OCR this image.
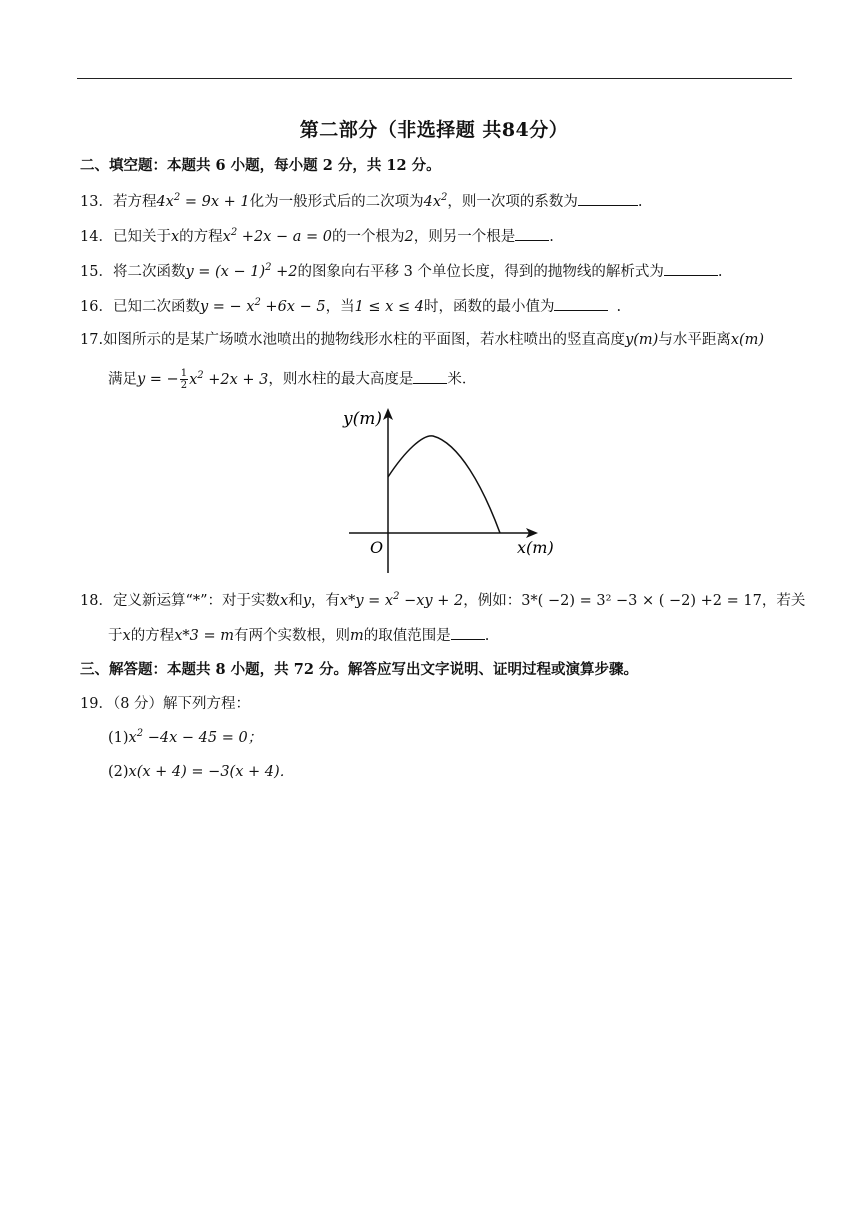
第二部分（非选择题 共84分）
二、填空题：本题共 6 小题，每小题 2 分，共 12 分。
13．若方程$4x^2 = 9x + 1$化为一般形式后的二次项为$4x^2$，则一次项的系数为	.
14．已知关于x的方程$x^2 +2x - a = 0$的一个根为2，则另一个根是 .
15．将二次函数$y = (x - 1)^2 +2$的图象向右平移 3 个单位长度，得到的抛物线的解析式为	.
16．已知二次函数y = − $x^2 +6x - 5$，当1 ≤ x ≤ 4时，函数的最小值为	.
17.如图所示的是某广场喷水池喷出的抛物线形水柱的平面图，若水柱喷出的竖直高度y(m)与水平距离x(m)
满足y = − $\frac{1}{2} x^2 +2x + 3$，则水柱的最大高度是 米．
y(m)
x(m)
O
18．定义新运算“*”：对于实数x和y，有$x*y = x^2 -xy + 2$，例如：3*( −2) = 3² −3 × ( −2) +2 = 17，若关
于x的方程x*3 = m有两个实数根，则m的取值范围是 .
三、解答题：本题共 8 小题，共 72 分。解答应写出文字说明、证明过程或演算步骤。
19．（8 分）解下列方程：
$(1)x^2 -4x - 45 = 0$；
(2)x(x + 4) = −3(x + 4)．
